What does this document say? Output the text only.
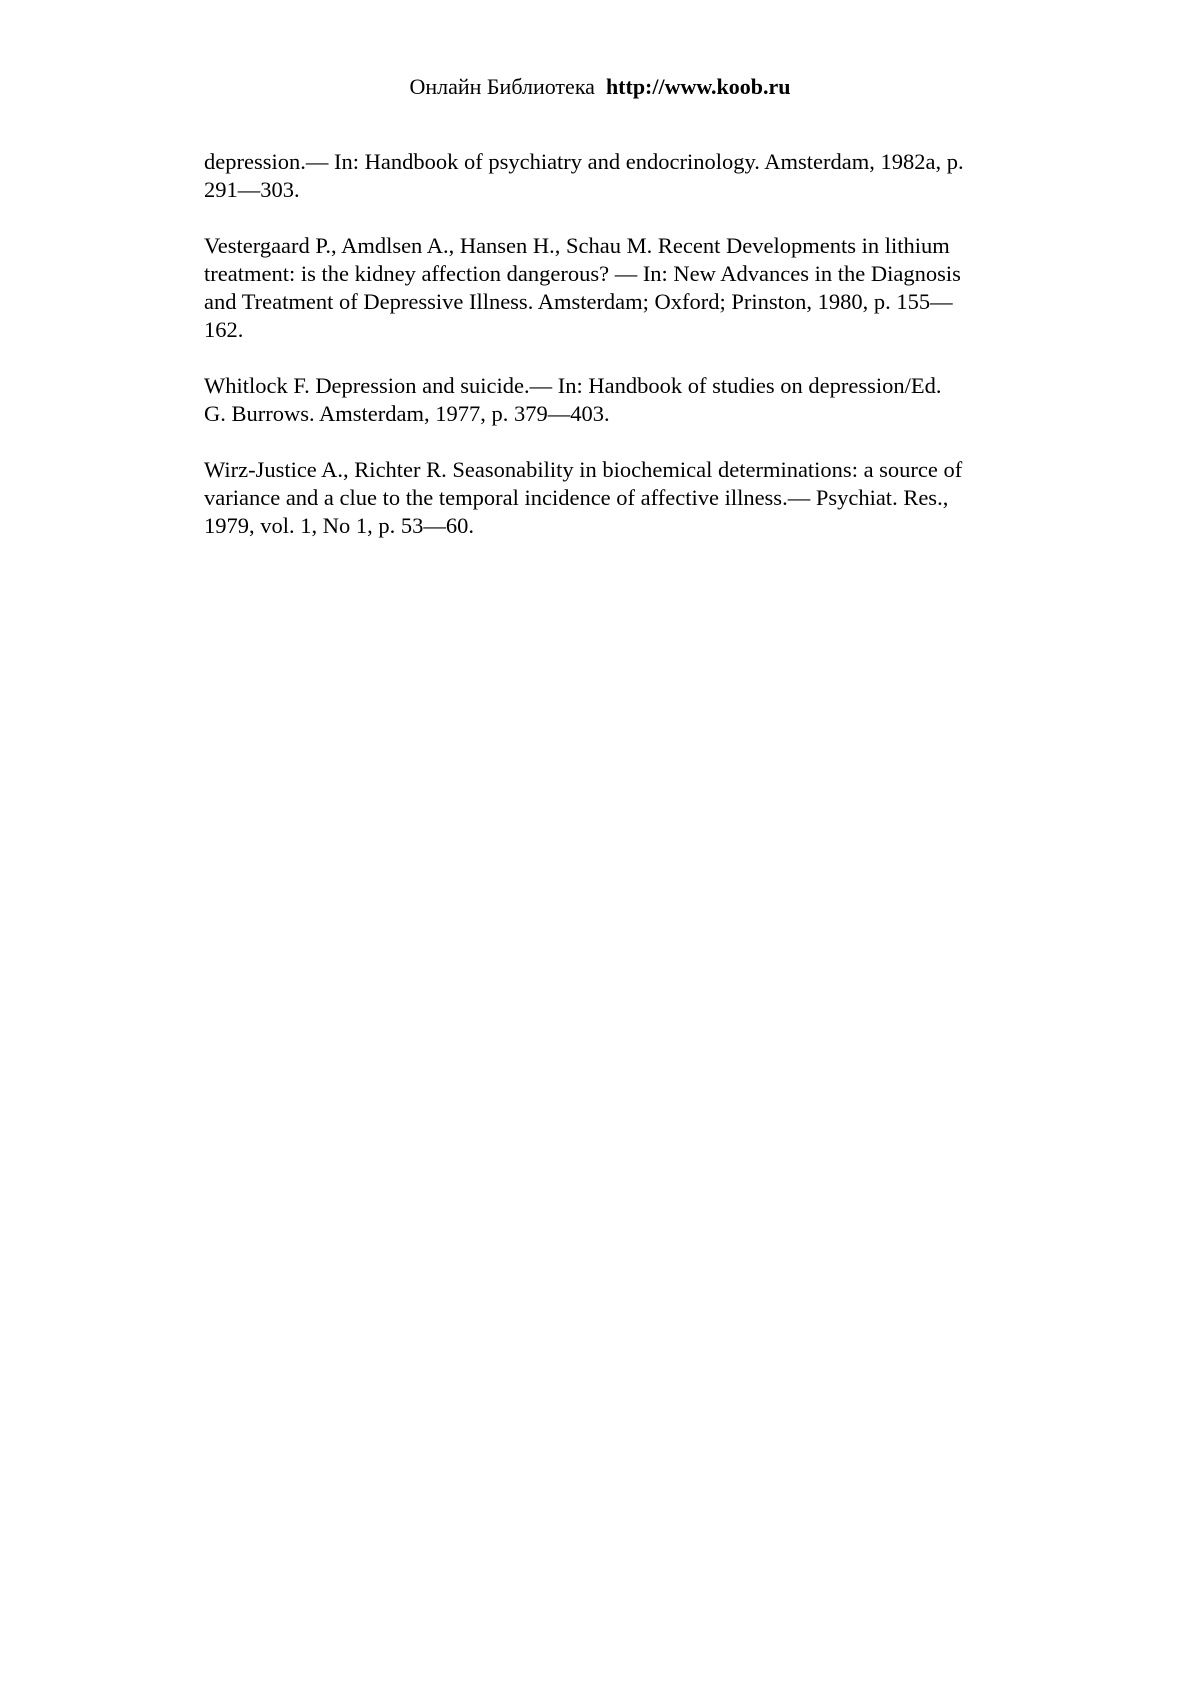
Онлайн Библиотека http://www.koob.ru
depression.— In: Handbook of psychiatry and endocrinology. Amsterdam, 1982a, p.
291—303.
Vestergaard P., Amdlsen A., Hansen H., Schau M. Recent Developments in lithium
treatment: is the kidney affection dangerous? — In: New Advances in the Diagnosis
and Treatment of Depressive Illness. Amsterdam; Oxford; Prinston, 1980, p. 155—
162.
Whitlock F. Depression and suicide.— In: Handbook of studies on depression/Ed.
G. Burrows. Amsterdam, 1977, p. 379—403.
Wirz-Justice A., Richter R. Seasonability in biochemical determinations: a source of
variance and a clue to the temporal incidence of affective illness.— Psychiat. Res.,
1979, vol. 1, No 1, p. 53—60.
